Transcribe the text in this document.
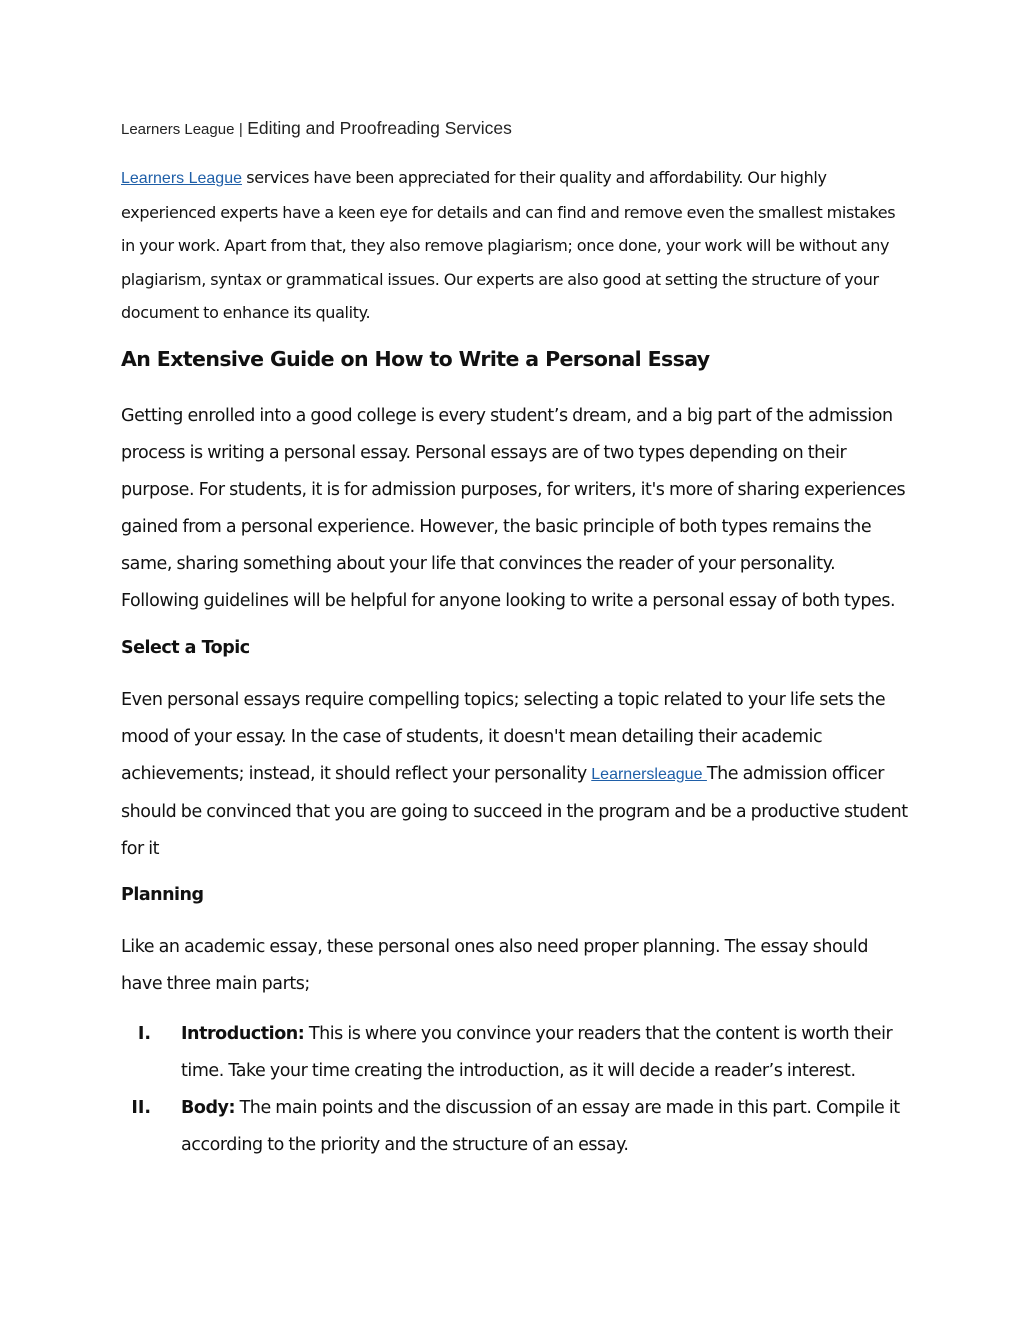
Learners League | Editing and Proofreading Services

Learners League services have been appreciated for their quality and affordability. Our highly experienced experts have a keen eye for details and can find and remove even the smallest mistakes in your work. Apart from that, they also remove plagiarism; once done, your work will be without any plagiarism, syntax or grammatical issues. Our experts are also good at setting the structure of your document to enhance its quality.

An Extensive Guide on How to Write a Personal Essay

Getting enrolled into a good college is every student’s dream, and a big part of the admission process is writing a personal essay. Personal essays are of two types depending on their purpose. For students, it is for admission purposes, for writers, it's more of sharing experiences gained from a personal experience. However, the basic principle of both types remains the same, sharing something about your life that convinces the reader of your personality. Following guidelines will be helpful for anyone looking to write a personal essay of both types.

Select a Topic

Even personal essays require compelling topics; selecting a topic related to your life sets the mood of your essay. In the case of students, it doesn't mean detailing their academic achievements; instead, it should reflect your personality Learnersleague The admission officer should be convinced that you are going to succeed in the program and be a productive student for it

Planning

Like an academic essay, these personal ones also need proper planning. The essay should have three main parts;

I. Introduction: This is where you convince your readers that the content is worth their time. Take your time creating the introduction, as it will decide a reader’s interest.
II. Body: The main points and the discussion of an essay are made in this part. Compile it according to the priority and the structure of an essay.
